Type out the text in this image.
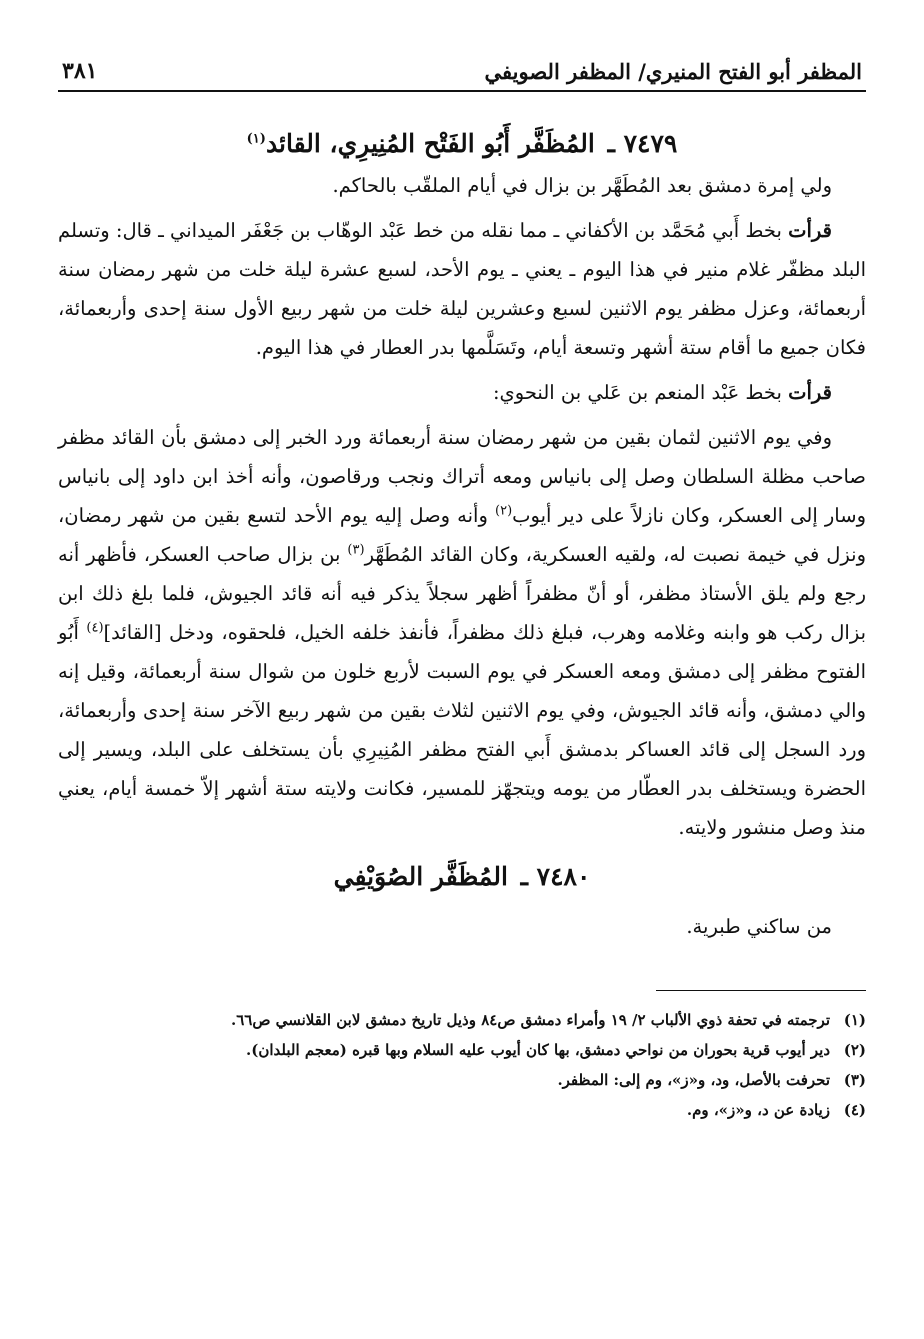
المظفر أبو الفتح المنيري/ المظفر الصويفي
٣٨١
٧٤٧٩ ـ المُظَفَّر أَبُو الفَتْح المُنِيرِي، القائد$^{(١)}$

ولي إمرة دمشق بعد المُطَهَّر بن بزال في أيام الملقّب بالحاكم.

قرأت بخط أَبي مُحَمَّد بن الأكفاني ـ مما نقله من خط عَبْد الوهّاب بن جَعْفَر الميداني ـ قال: وتسلم البلد مظفّر غلام منير في هذا اليوم ـ يعني ـ يوم الأحد، لسبع عشرة ليلة خلت من شهر رمضان سنة أربعمائة، وعزل مظفر يوم الاثنين لسبع وعشرين ليلة خلت من شهر ربيع الأول سنة إحدى وأربعمائة، فكان جميع ما أقام ستة أشهر وتسعة أيام، وتَسَلَّمها بدر العطار في هذا اليوم.

قرأت بخط عَبْد المنعم بن عَلي بن النحوي:

وفي يوم الاثنين لثمان بقين من شهر رمضان سنة أربعمائة ورد الخبر إلى دمشق بأن القائد مظفر صاحب مظلة السلطان وصل إلى بانياس ومعه أتراك ونجب ورقاصون، وأنه أخذ ابن داود إلى بانياس وسار إلى العسكر، وكان نازلاً على دير أيوب$^{(٢)}$ وأنه وصل إليه يوم الأحد لتسع بقين من شهر رمضان، ونزل في خيمة نصبت له، ولقيه العسكرية، وكان القائد المُطَهَّر$^{(٣)}$ بن بزال صاحب العسكر، فأظهر أنه رجع ولم يلق الأستاذ مظفر، أو أنّ مظفراً أظهر سجلاً يذكر فيه أنه قائد الجيوش، فلما بلغ ذلك ابن بزال ركب هو وابنه وغلامه وهرب، فبلغ ذلك مظفراً، فأنفذ خلفه الخيل، فلحقوه، ودخل [القائد]$^{(٤)}$ أَبُو الفتوح مظفر إلى دمشق ومعه العسكر في يوم السبت لأربع خلون من شوال سنة أربعمائة، وقيل إنه والي دمشق، وأنه قائد الجيوش، وفي يوم الاثنين لثلاث بقين من شهر ربيع الآخر سنة إحدى وأربعمائة، ورد السجل إلى قائد العساكر بدمشق أَبي الفتح مظفر المُنِيرِي بأن يستخلف على البلد، ويسير إلى الحضرة ويستخلف بدر العطّار من يومه ويتجهّز للمسير، فكانت ولايته ستة أشهر إلاّ خمسة أيام، يعني منذ وصل منشور ولايته.

٧٤٨٠ ـ المُظَفَّر الصُوَيْفِي

من ساكني طبرية.

(١)
ترجمته في تحفة ذوي الألباب ٢/ ١٩ وأمراء دمشق ص٨٤ وذيل تاريخ دمشق لابن القلانسي ص٦٦.
(٢)
دير أيوب قرية بحوران من نواحي دمشق، بها كان أيوب عليه السلام وبها قبره (معجم البلدان).
(٣)
تحرفت بالأصل، ود، و«ز»، وم إلى: المظفر.
(٤)
زيادة عن د، و«ز»، وم.
